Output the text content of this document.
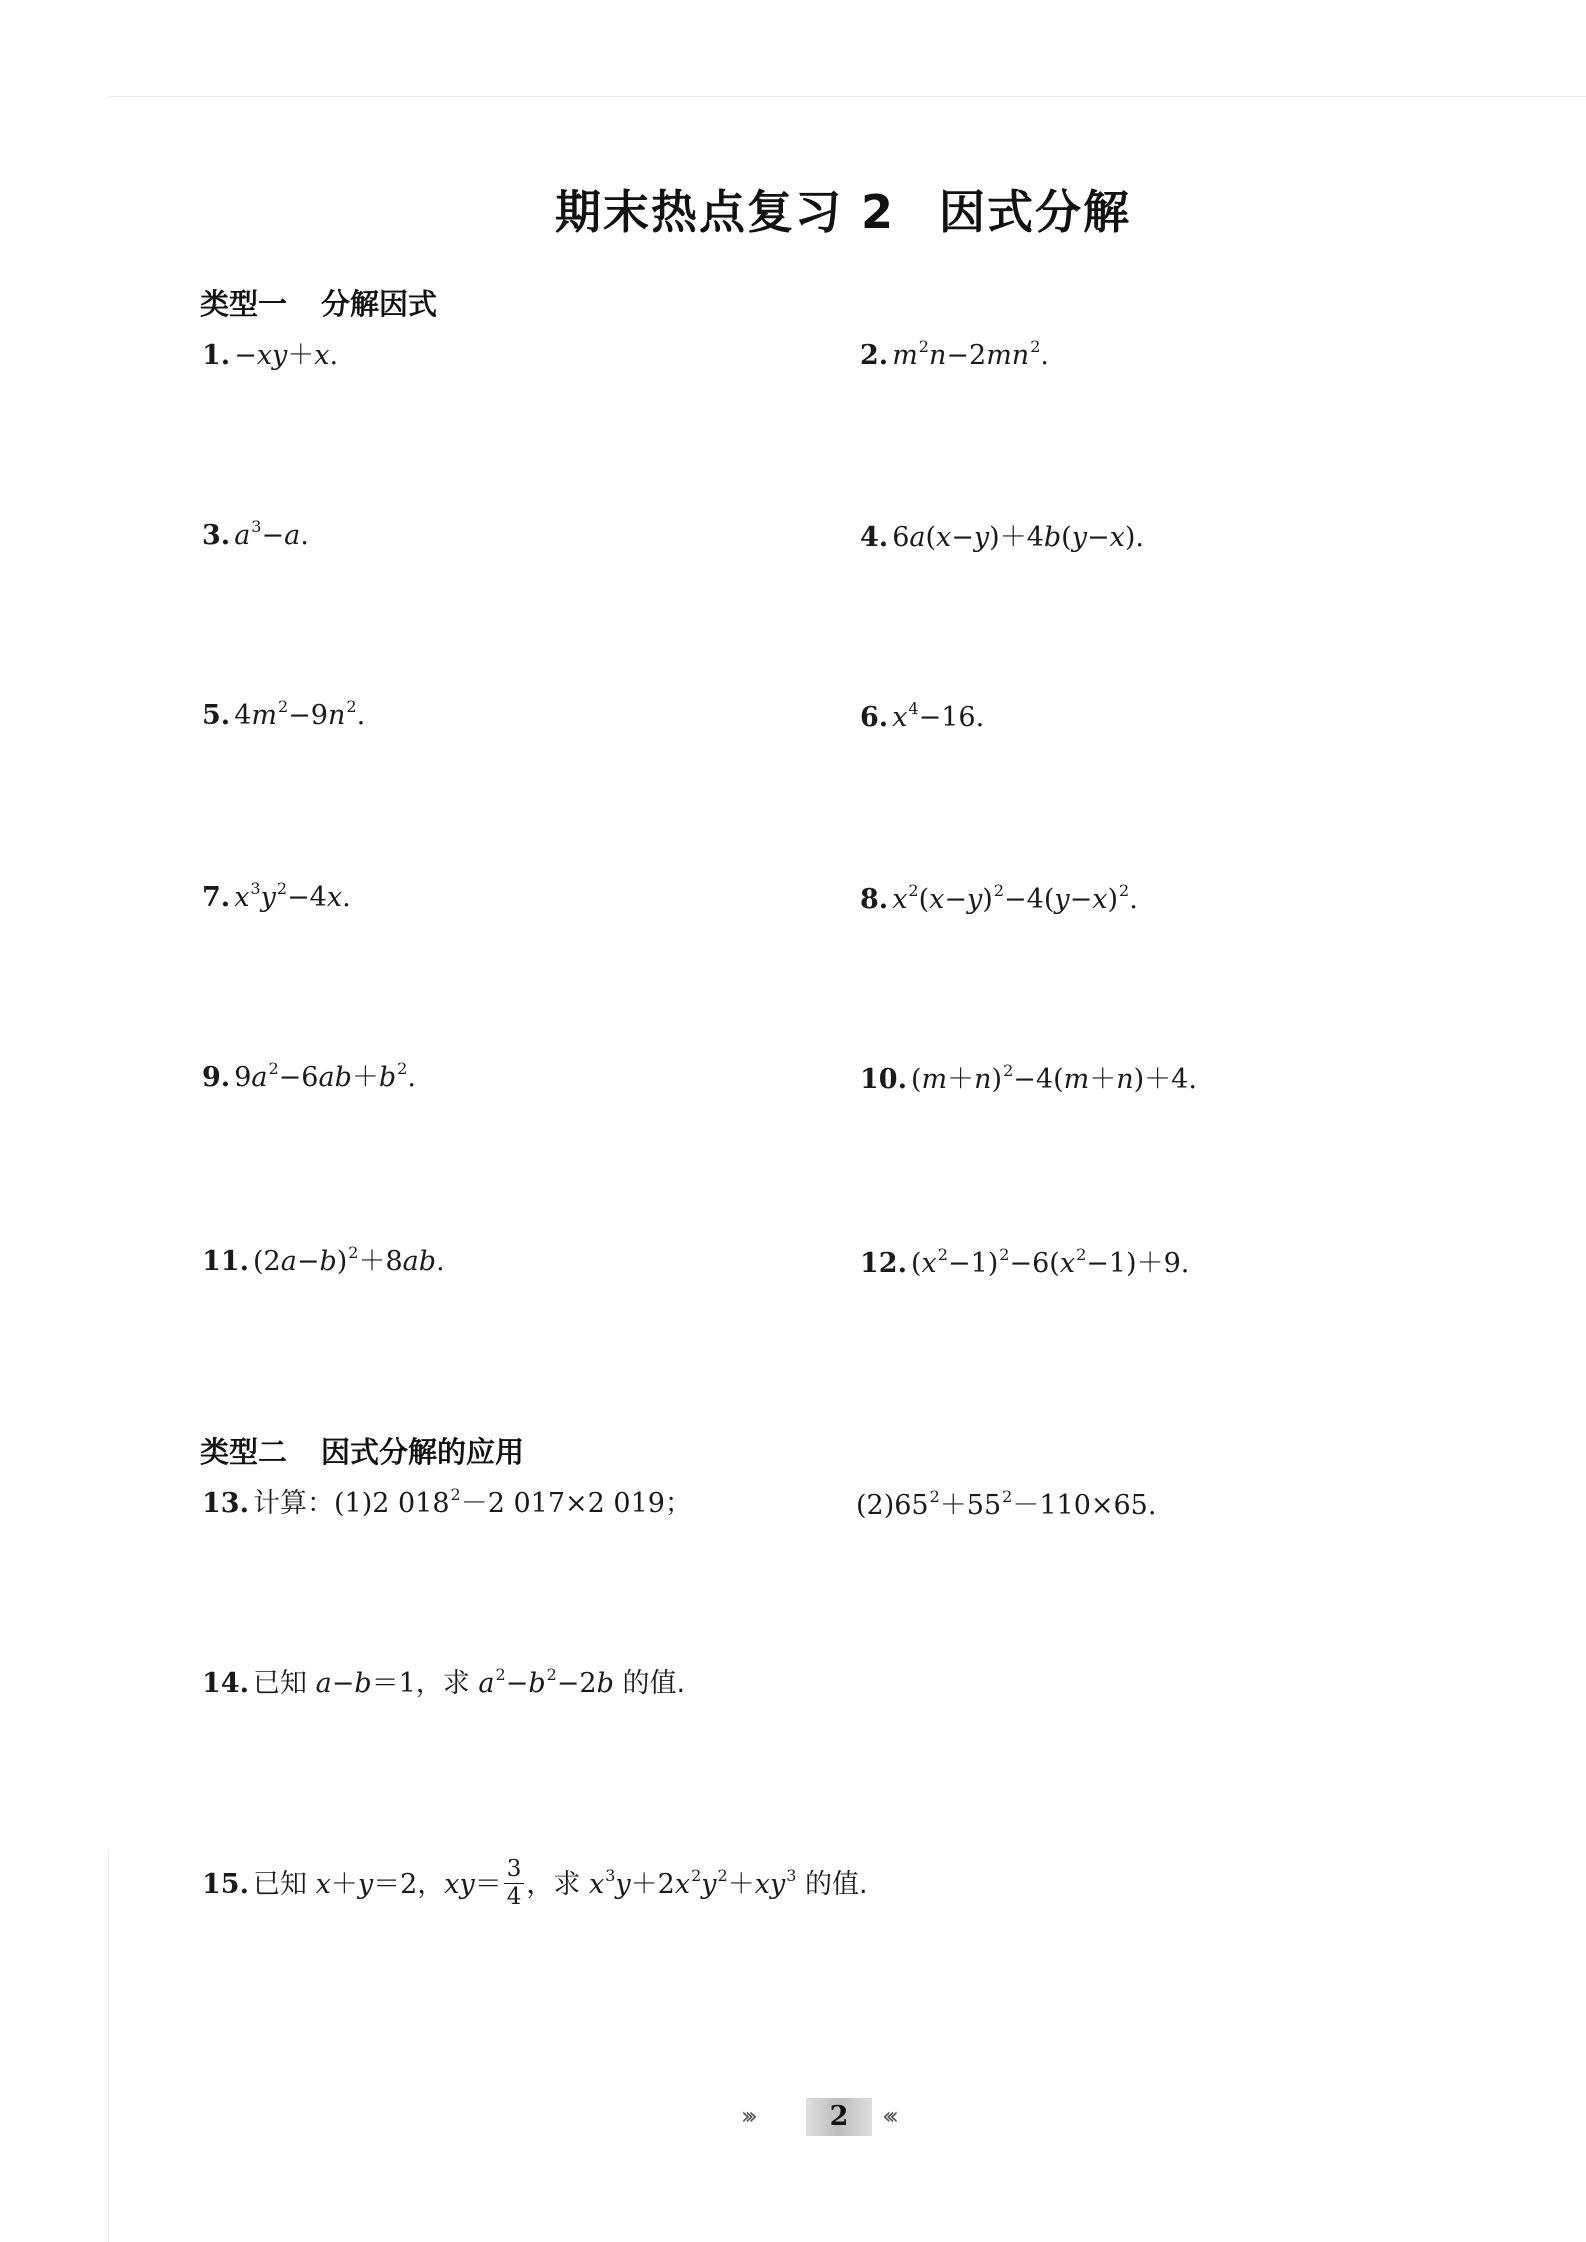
期末热点复习 2 因式分解
类型一 分解因式
1. −xy＋x.	2. $m^2n-2mn^2$.
3. $a^3-a$.	4. 6a(x−y)＋4b(y−x).
5. $4m^2-9n^2$.	6. $x^4-16$.
7. $x^3y^2-4x$.	8. $x^2(x-y)^2-4(y-x)^2$.
9. $9a^2-6ab+b^2$.	10. $(m+n)^2-4(m+n)+4$.
11. $(2a-b)^2+8ab$.	12. $(x^2-1)^2-6(x^2-1)+9$.
类型二 因式分解的应用
13. 计算：(1)2 $018^2-2$ 017×2 019；	$(2)65^2+55^2-110\times 65$.
14. 已知 a−b＝1，求 $a^2-b^2-2b$ 的值.
15. 已知 x＋y＝2，$xy= \frac{3}{4}$ ，求 $x^3y+2x^2y^2+xy^3$ 的值.
›››	2	‹‹‹
